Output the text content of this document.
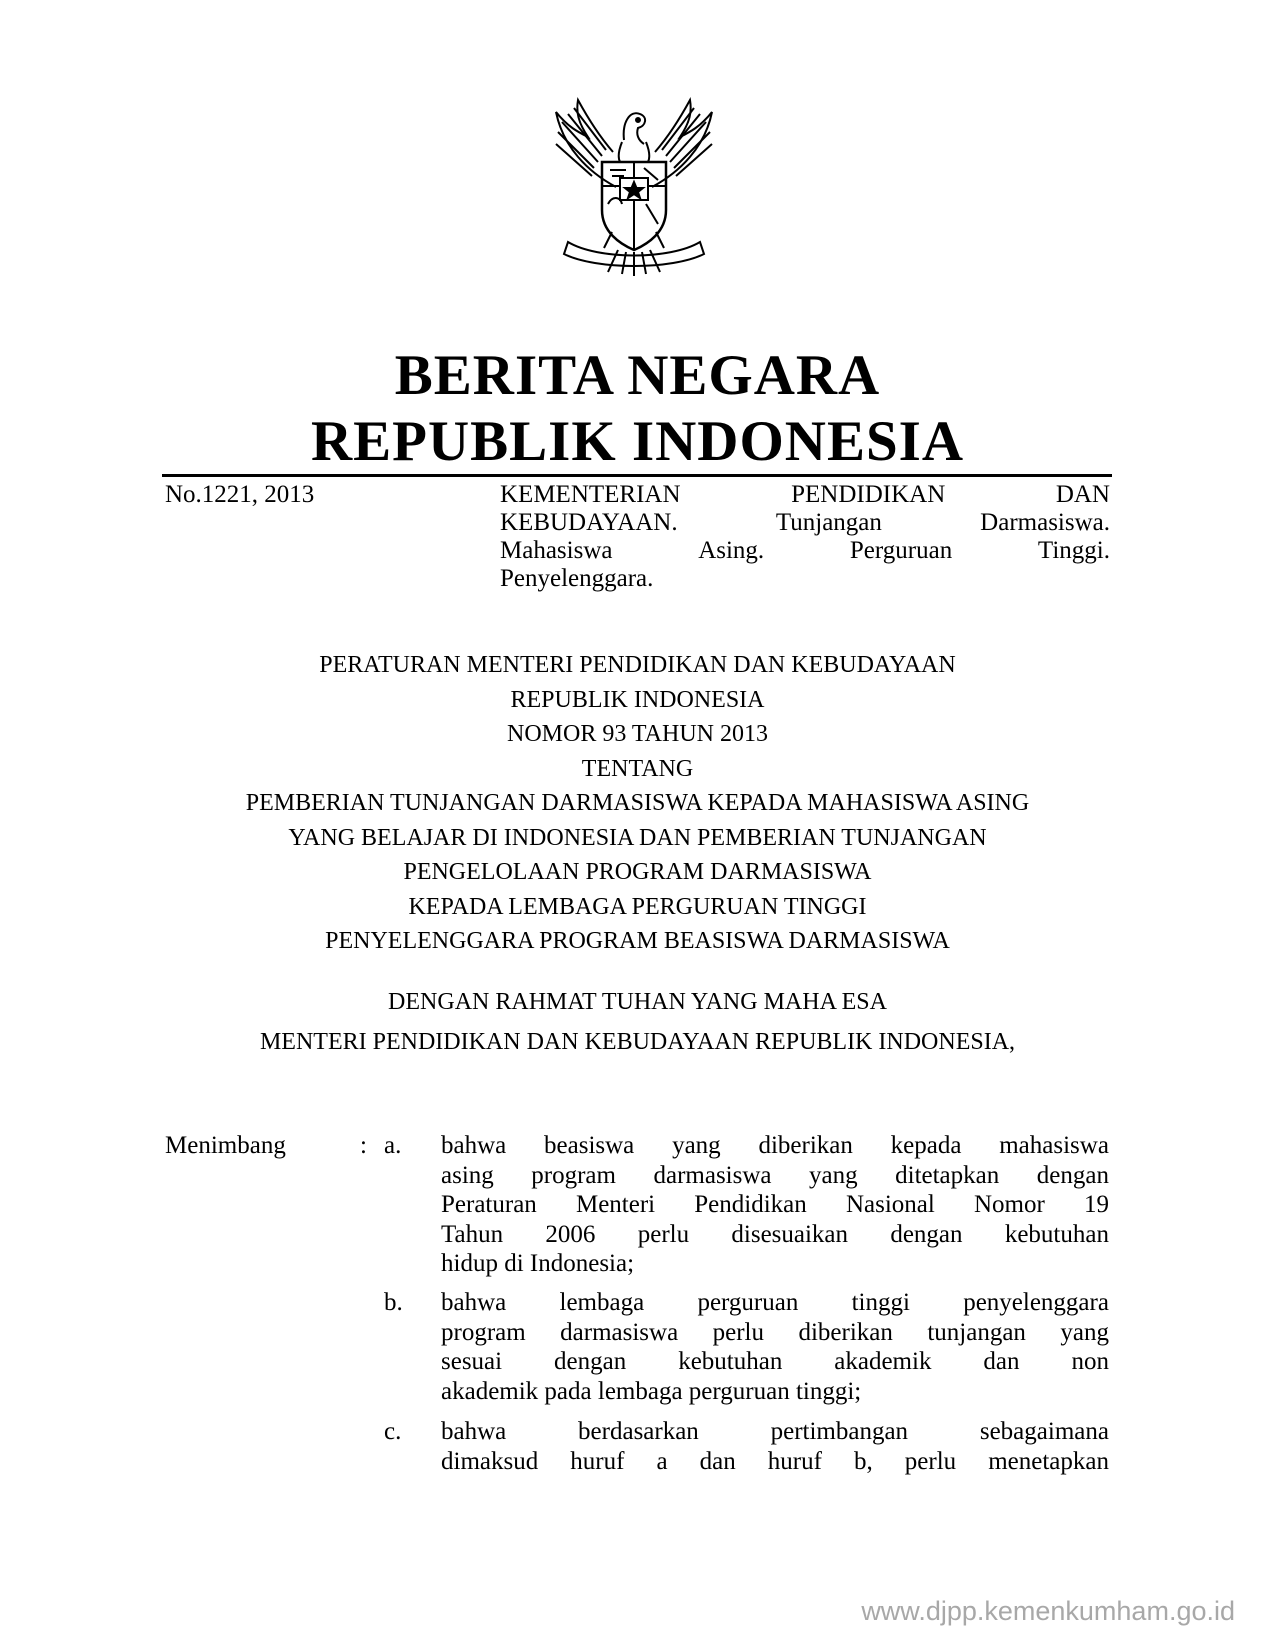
BERITA NEGARA
REPUBLIK INDONESIA
No.1221, 2013	KEMENTERIAN	PENDIDIKAN	DAN
KEBUDAYAAN.	Tunjangan	Darmasiswa.
Mahasiswa	Asing.	Perguruan	Tinggi.
Penyelenggara.
PERATURAN MENTERI PENDIDIKAN DAN KEBUDAYAAN
REPUBLIK INDONESIA
NOMOR 93 TAHUN 2013
TENTANG
PEMBERIAN TUNJANGAN DARMASISWA KEPADA MAHASISWA ASING
YANG BELAJAR DI INDONESIA DAN PEMBERIAN TUNJANGAN
PENGELOLAAN PROGRAM DARMASISWA
KEPADA LEMBAGA PERGURUAN TINGGI
PENYELENGGARA PROGRAM BEASISWA DARMASISWA
DENGAN RAHMAT TUHAN YANG MAHA ESA
MENTERI PENDIDIKAN DAN KEBUDAYAAN REPUBLIK INDONESIA,
Menimbang	: a. bahwa beasiswa yang diberikan kepada mahasiswa
asing program darmasiswa yang ditetapkan dengan
Peraturan Menteri Pendidikan Nasional Nomor 19
Tahun 2006 perlu disesuaikan dengan kebutuhan
hidup di Indonesia;
b. bahwa lembaga perguruan tinggi penyelenggara
program darmasiswa perlu diberikan tunjangan yang
sesuai dengan kebutuhan akademik dan non
akademik pada lembaga perguruan tinggi;
c. bahwa	berdasarkan	pertimbangan	sebagaimana
dimaksud huruf a dan huruf b, perlu menetapkan
www.djpp.kemenkumham.go.id
